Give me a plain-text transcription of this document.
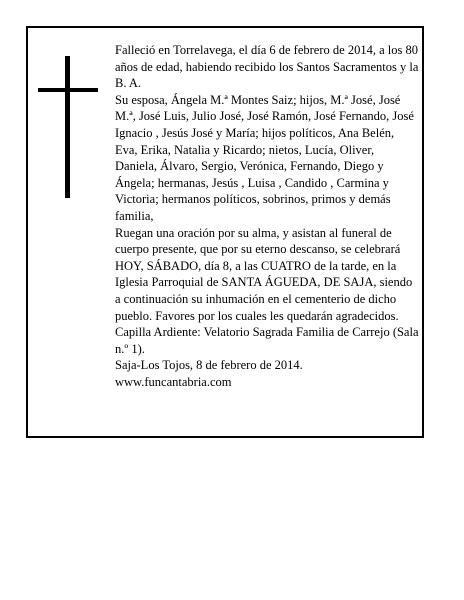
Falleció en Torrelavega, el día 6 de febrero de 2014, a los 80 años de edad, habiendo recibido los Santos Sacramentos y la B. A.

Su esposa, Ángela M.ª Montes Saiz; hijos, M.ª José, José M.ª, José Luis, Julio José, José Ramón, José Fernando, José Ignacio , Jesús José y María; hijos políticos, Ana Belén, Eva, Erika, Natalia y Ricardo; nietos, Lucía, Oliver, Daniela, Álvaro, Sergio, Verónica, Fernando, Diego y Ángela; hermanas, Jesús , Luisa , Candido , Carmina y Victoria; hermanos políticos, sobrinos, primos y demás familia,

Ruegan una oración por su alma, y asistan al funeral de cuerpo presente, que por su eterno descanso, se celebrará HOY, SÁBADO, día 8, a las CUATRO de la tarde, en la Iglesia Parroquial de SANTA ÁGUEDA, DE SAJA, siendo a continuación su inhumación en el cementerio de dicho pueblo. Favores por los cuales les quedarán agradecidos. Capilla Ardiente: Velatorio Sagrada Familia de Carrejo (Sala n.º 1).

Saja-Los Tojos, 8 de febrero de 2014.

www.funcantabria.com
